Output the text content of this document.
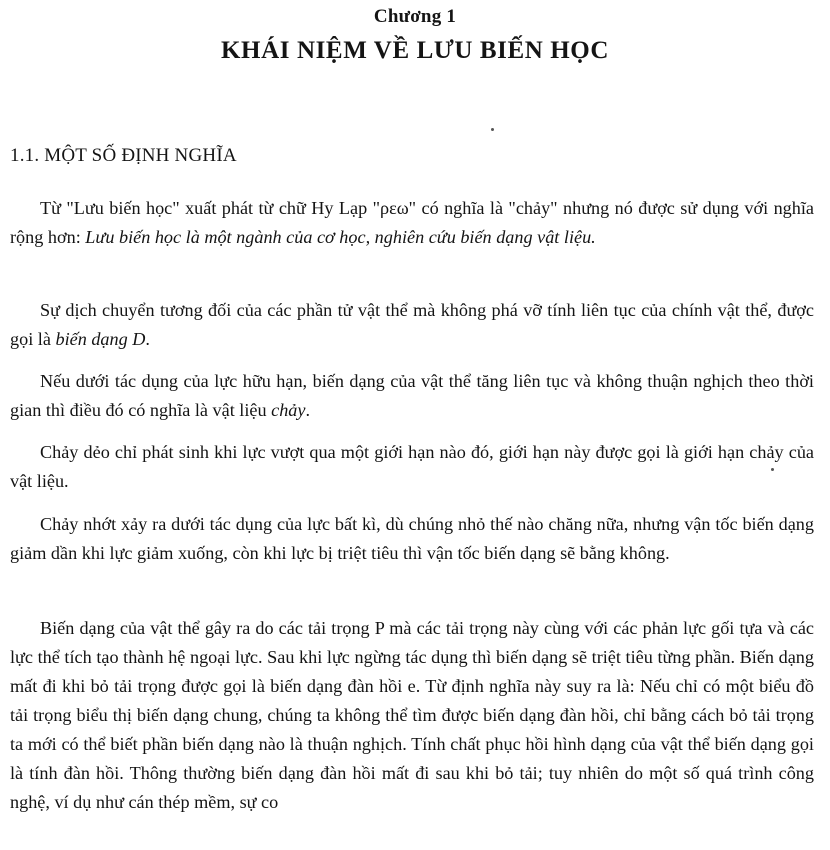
Chương 1
KHÁI NIỆM VỀ LƯU BIẾN HỌC
1.1. MỘT SỐ ĐỊNH NGHĨA

Từ "Lưu biến học" xuất phát từ chữ Hy Lạp "ρεω" có nghĩa là "chảy" nhưng nó được sử dụng với nghĩa rộng hơn: Lưu biến học là một ngành của cơ học, nghiên cứu biến dạng vật liệu.

Sự dịch chuyển tương đối của các phần tử vật thể mà không phá vỡ tính liên tục của chính vật thể, được gọi là biến dạng D.

Nếu dưới tác dụng của lực hữu hạn, biến dạng của vật thể tăng liên tục và không thuận nghịch theo thời gian thì điều đó có nghĩa là vật liệu chảy.

Chảy dẻo chỉ phát sinh khi lực vượt qua một giới hạn nào đó, giới hạn này được gọi là giới hạn chảy của vật liệu.

Chảy nhớt xảy ra dưới tác dụng của lực bất kì, dù chúng nhỏ thế nào chăng nữa, nhưng vận tốc biến dạng giảm dần khi lực giảm xuống, còn khi lực bị triệt tiêu thì vận tốc biến dạng sẽ bằng không.

Biến dạng của vật thể gây ra do các tải trọng P mà các tải trọng này cùng với các phản lực gối tựa và các lực thể tích tạo thành hệ ngoại lực. Sau khi lực ngừng tác dụng thì biến dạng sẽ triệt tiêu từng phần. Biến dạng mất đi khi bỏ tải trọng được gọi là biến dạng đàn hồi e. Từ định nghĩa này suy ra là: Nếu chỉ có một biểu đồ tải trọng biểu thị biến dạng chung, chúng ta không thể tìm được biến dạng đàn hồi, chỉ bằng cách bỏ tải trọng ta mới có thể biết phần biến dạng nào là thuận nghịch. Tính chất phục hồi hình dạng của vật thể biến dạng gọi là tính đàn hồi. Thông thường biến dạng đàn hồi mất đi sau khi bỏ tải; tuy nhiên do một số quá trình công nghệ, ví dụ như cán thép mềm, sự co
